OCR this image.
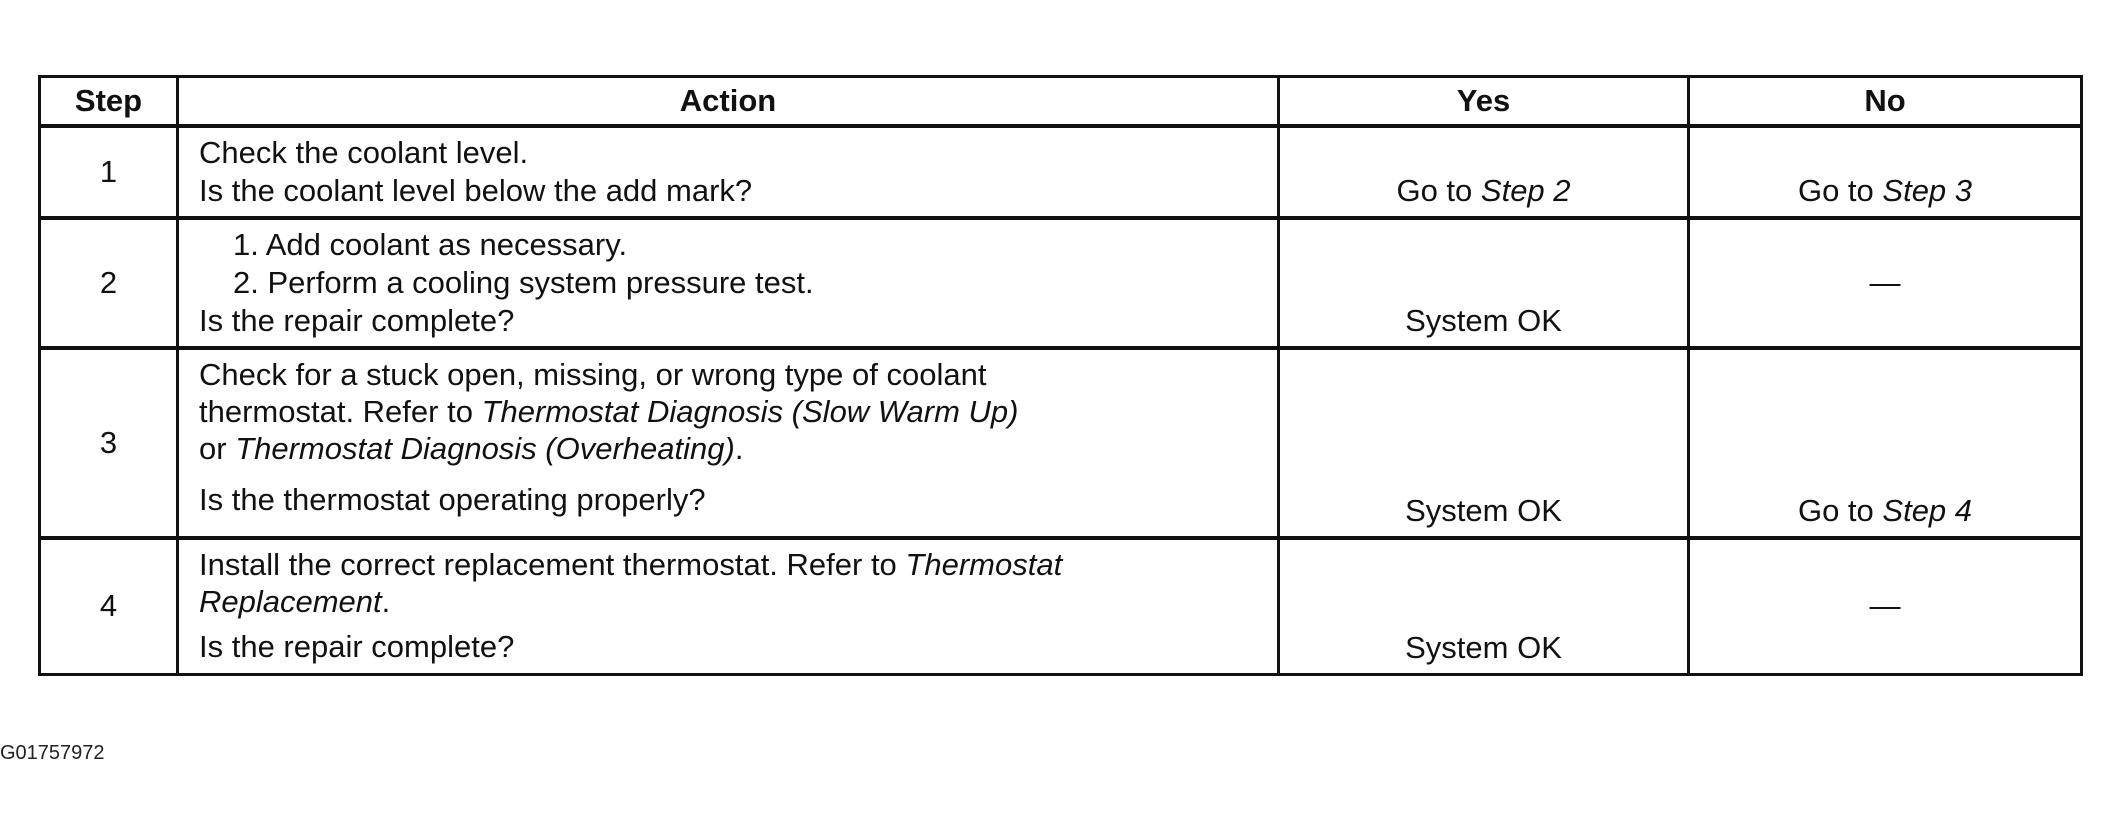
Step	Action	Yes	No
1	Check the coolant level.
Is the coolant level below the add mark?	Go to Step 2	Go to Step 3
2	1. Add coolant as necessary.
2. Perform a cooling system pressure test.
Is the repair complete?	System OK	—
3	Check for a stuck open, missing, or wrong type of coolant
thermostat. Refer to Thermostat Diagnosis (Slow Warm Up)
or Thermostat Diagnosis (Overheating).
Is the thermostat operating properly?	System OK	Go to Step 4
4	Install the correct replacement thermostat. Refer to Thermostat
Replacement.
Is the repair complete?	System OK	—
G01757972
